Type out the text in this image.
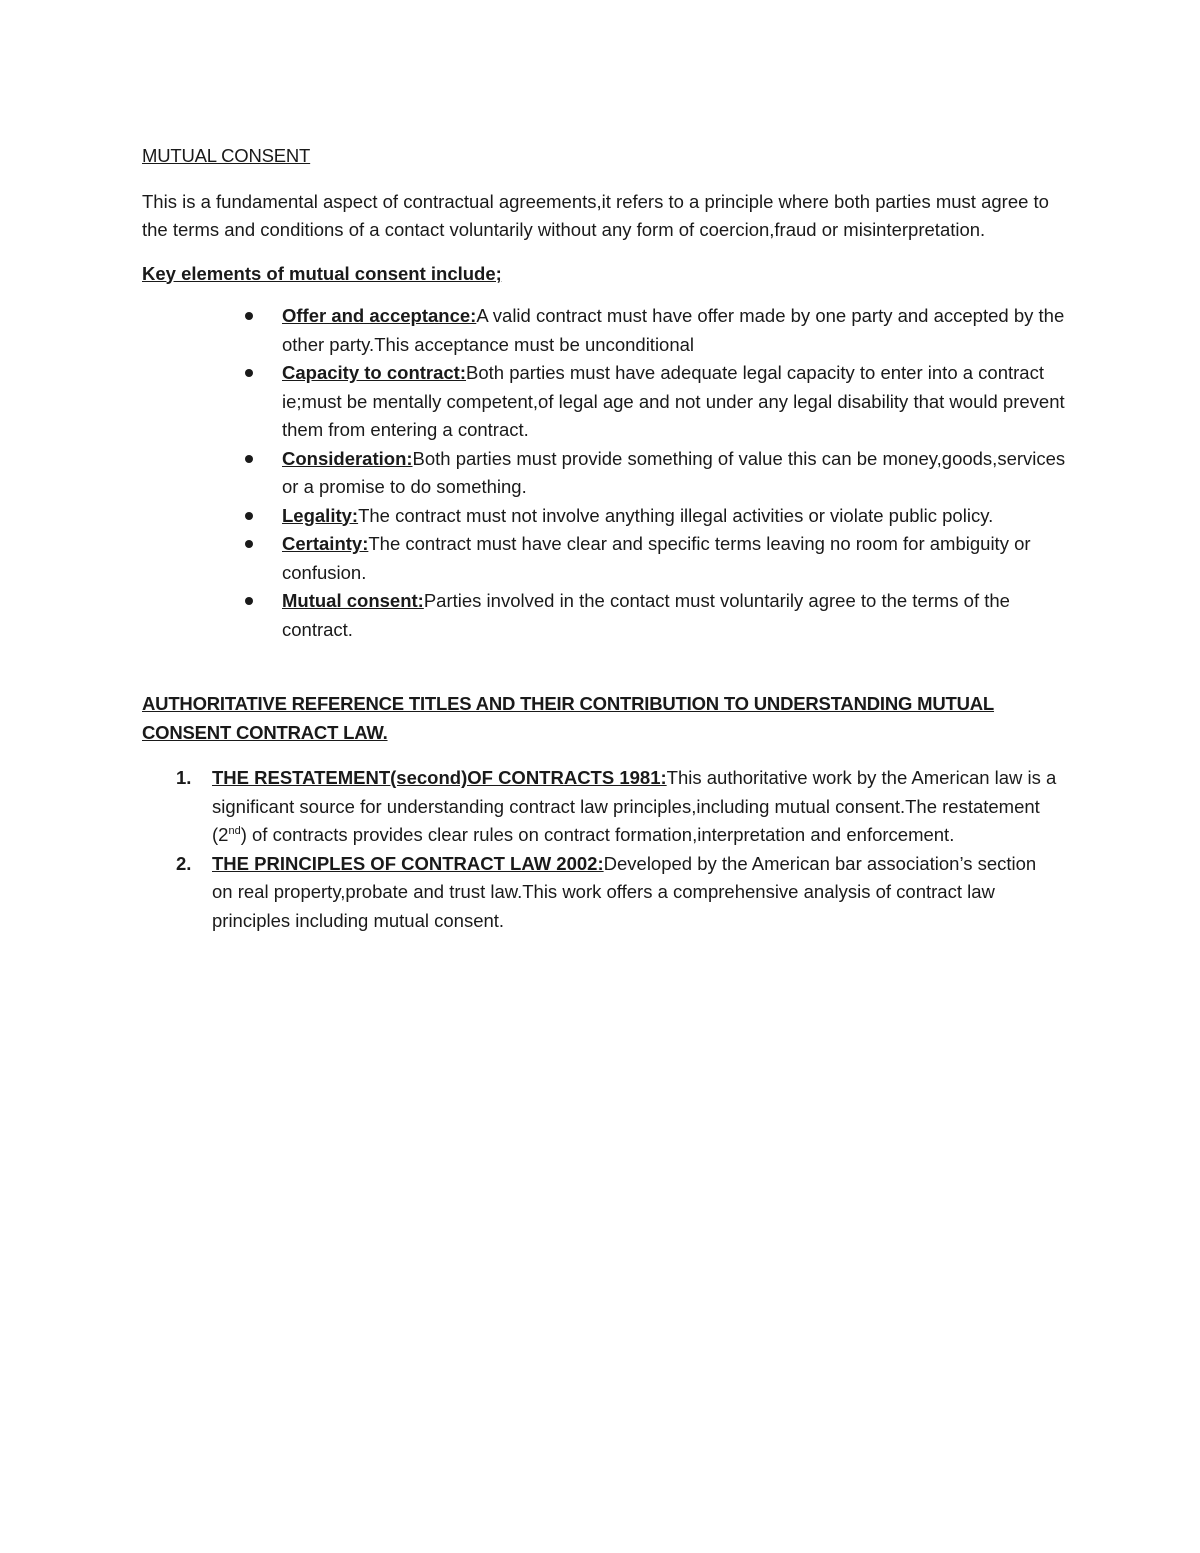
MUTUAL CONSENT

This is a fundamental aspect of contractual agreements,it refers to a principle where both parties must agree to the terms and conditions of a contact voluntarily without any form of coercion,fraud or misinterpretation.

Key elements of mutual consent include;

Offer and acceptance:A valid contract must have offer made by one party and accepted by the other party.This acceptance must be unconditional
Capacity to contract:Both parties must have adequate legal capacity to enter into a contract ie;must be mentally competent,of legal age and not under any legal disability that would prevent them from entering a contract.
Consideration:Both parties must provide something of value this can be money,goods,services or a promise to do something.
Legality:The contract must not involve anything illegal activities or violate public policy.
Certainty:The contract must have clear and specific terms leaving no room for ambiguity or confusion.
Mutual consent:Parties involved in the contact must voluntarily agree to the terms of the contract.

AUTHORITATIVE REFERENCE TITLES AND THEIR CONTRIBUTION TO UNDERSTANDING MUTUAL CONSENT CONTRACT LAW.

1. THE RESTATEMENT(second)OF CONTRACTS 1981:This authoritative work by the American law is a significant source for understanding contract law principles,including mutual consent.The restatement (2nd) of contracts provides clear rules on contract formation,interpretation and enforcement.
2. THE PRINCIPLES OF CONTRACT LAW 2002:Developed by the American bar association’s section on real property,probate and trust law.This work offers a comprehensive analysis of contract law principles including mutual consent.
